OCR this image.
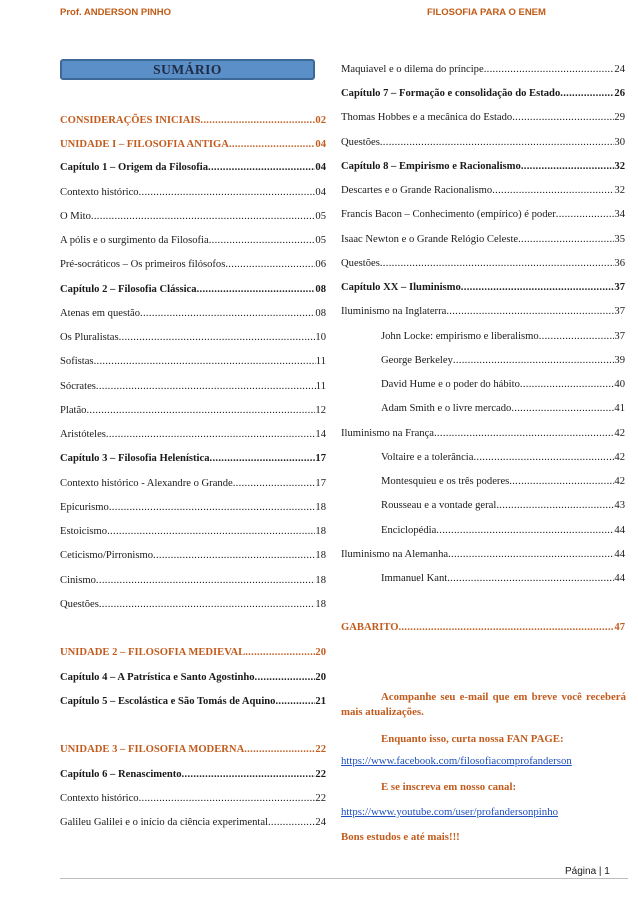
Prof. ANDERSON PINHO	FILOSOFIA PARA O ENEM
SUMÁRIO
CONSIDERAÇÕES INICIAIS .....	02
UNIDADE I – FILOSOFIA ANTIGA .....	04
Capítulo 1 – Origem da Filosofia .....	04
Contexto histórico .....	04
O Mito .....	05
A pólis e o surgimento da Filosofia .....	05
Pré-socráticos – Os primeiros filósofos .....	06
Capítulo 2 – Filosofia Clássica .....	08
Atenas em questão .....	08
Os Pluralistas .....	10
Sofistas .....	11
Sócrates .....	11
Platão .....	12
Aristóteles .....	14
Capítulo 3 – Filosofia Helenística .....	17
Contexto histórico - Alexandre o Grande .....	17
Epicurismo .....	18
Estoicismo .....	18
Ceticismo/Pirronismo .....	18
Cinismo .....	18
Questões .....	18
UNIDADE 2 – FILOSOFIA MEDIEVAL .....	20
Capítulo 4 – A Patrística e Santo Agostinho .....	20
Capítulo 5 – Escolástica e São Tomás de Aquino .....	21
UNIDADE 3 – FILOSOFIA MODERNA .....	22
Capítulo 6 – Renascimento .....	22
Contexto histórico .....	22
Galileu Galilei e o início da ciência experimental .....	24
Maquiavel e o dilema do príncipe .....	24
Capítulo 7 – Formação e consolidação do Estado .....	26
Thomas Hobbes e a mecânica do Estado .....	29
Questões .....	30
Capítulo 8 – Empirismo e Racionalismo .....	32
Descartes e o Grande Racionalismo .....	32
Francis Bacon – Conhecimento (empírico) é poder .....	34
Isaac Newton e o Grande Relógio Celeste .....	35
Questões .....	36
Capítulo XX – Iluminismo .....	37
Iluminismo na Inglaterra .....	37
John Locke: empirismo e liberalismo .....	37
George Berkeley .....	39
David Hume e o poder do hábito .....	40
Adam Smith e o livre mercado .....	41
Iluminismo na França .....	42
Voltaire e a tolerância .....	42
Montesquieu e os três poderes .....	42
Rousseau e a vontade geral .....	43
Enciclopédia .....	44
Iluminismo na Alemanha .....	44
Immanuel Kant .....	44
GABARITO .....	47
Acompanhe seu e-mail que em breve você receberá mais atualizações.
Enquanto isso, curta nossa FAN PAGE:
https://www.facebook.com/filosofiacomprofanderson
E se inscreva em nosso canal:
https://www.youtube.com/user/profandersonpinho
Bons estudos e até mais!!!
Página | 1
